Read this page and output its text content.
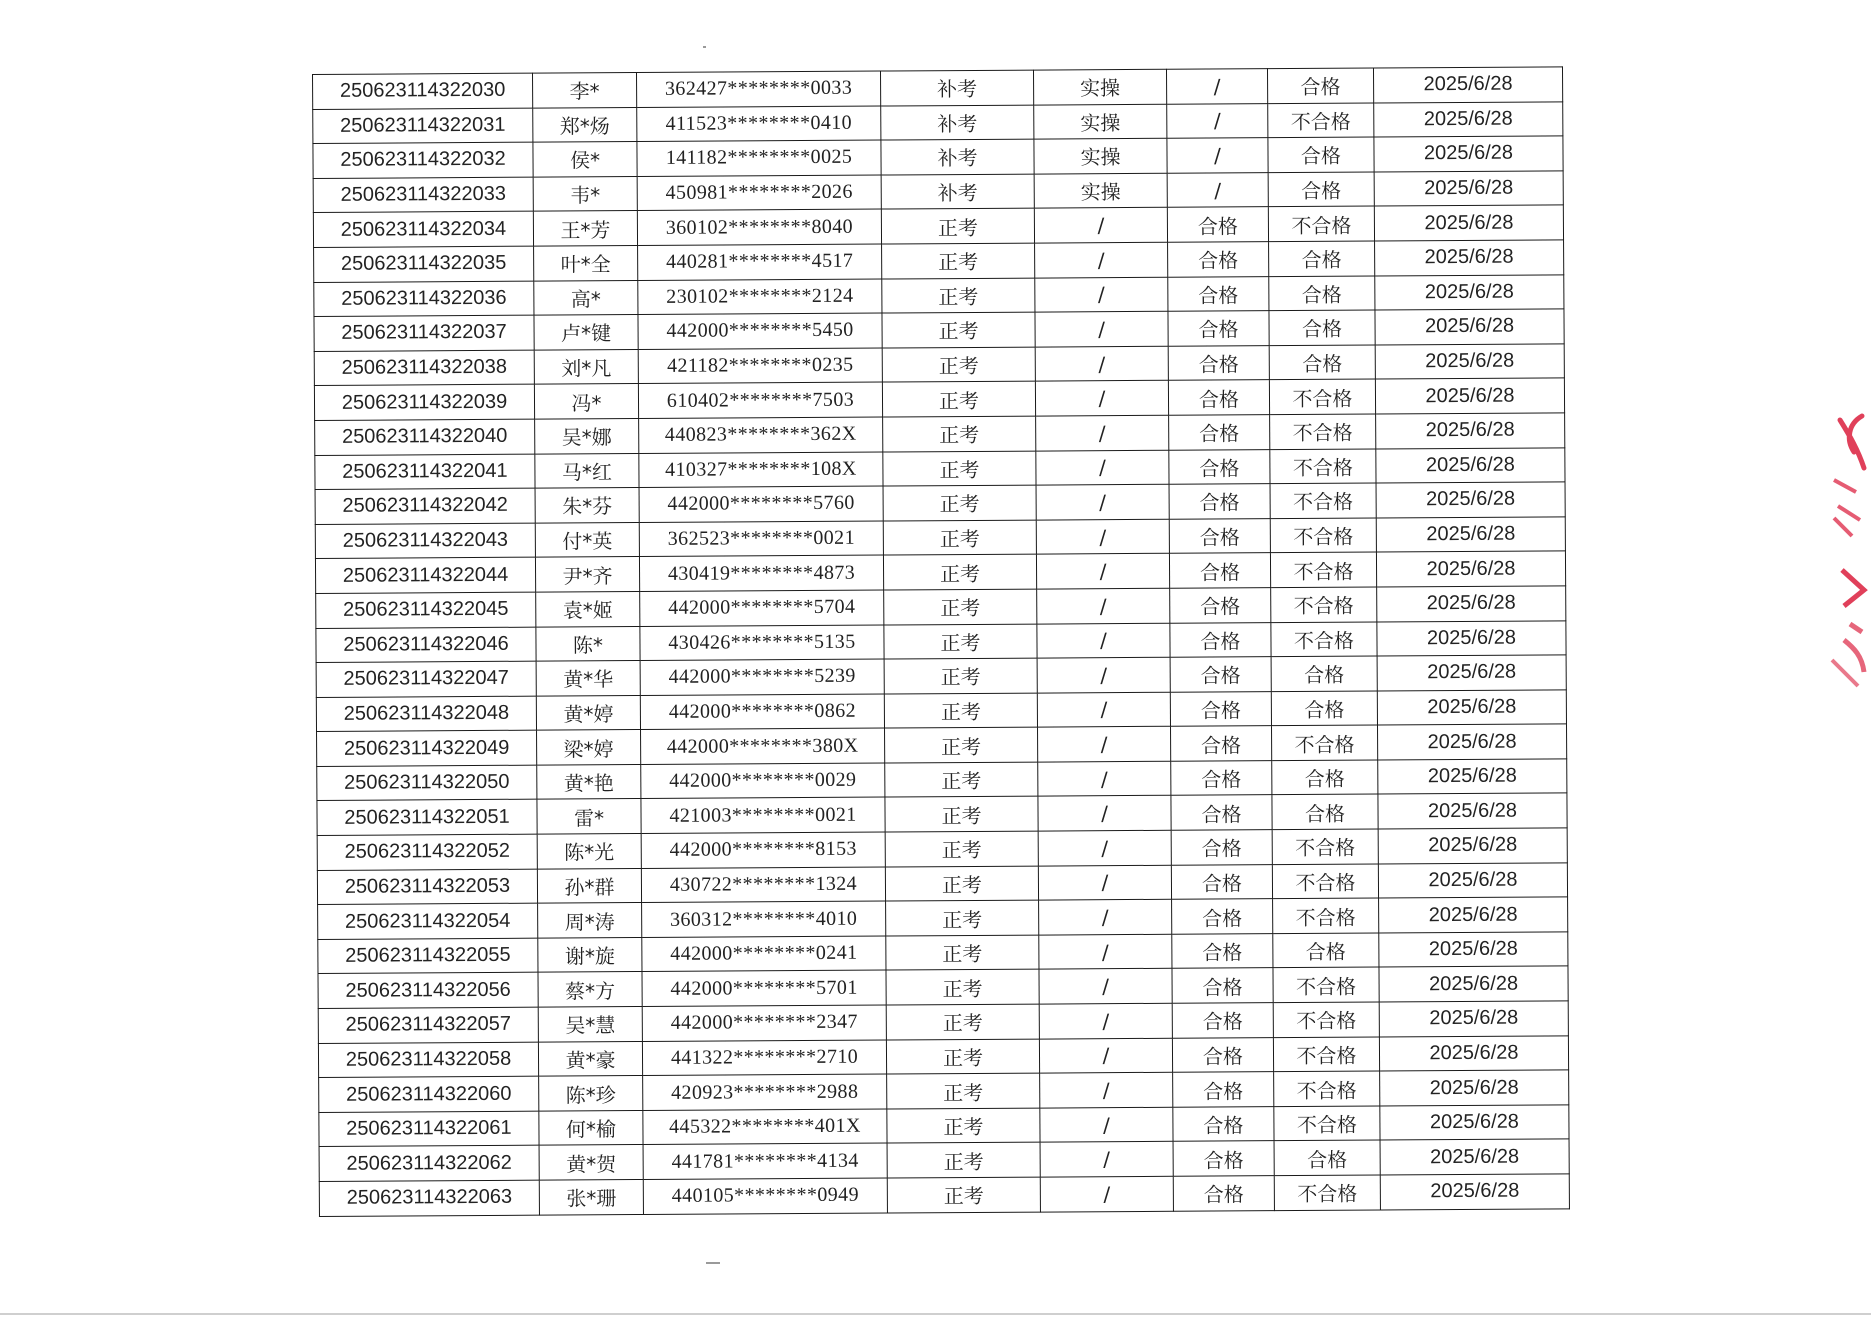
250623114322030	李*	362427********0033	补考	实操	/	合格	2025/6/28
250623114322031	郑*炀	411523********0410	补考	实操	/	不合格	2025/6/28
250623114322032	侯*	141182********0025	补考	实操	/	合格	2025/6/28
250623114322033	韦*	450981********2026	补考	实操	/	合格	2025/6/28
250623114322034	王*芳	360102********8040	正考	/	合格	不合格	2025/6/28
250623114322035	叶*全	440281********4517	正考	/	合格	合格	2025/6/28
250623114322036	高*	230102********2124	正考	/	合格	合格	2025/6/28
250623114322037	卢*键	442000********5450	正考	/	合格	合格	2025/6/28
250623114322038	刘*凡	421182********0235	正考	/	合格	合格	2025/6/28
250623114322039	冯*	610402********7503	正考	/	合格	不合格	2025/6/28
250623114322040	吴*娜	440823********362X	正考	/	合格	不合格	2025/6/28
250623114322041	马*红	410327********108X	正考	/	合格	不合格	2025/6/28
250623114322042	朱*芬	442000********5760	正考	/	合格	不合格	2025/6/28
250623114322043	付*英	362523********0021	正考	/	合格	不合格	2025/6/28
250623114322044	尹*齐	430419********4873	正考	/	合格	不合格	2025/6/28
250623114322045	袁*姬	442000********5704	正考	/	合格	不合格	2025/6/28
250623114322046	陈*	430426********5135	正考	/	合格	不合格	2025/6/28
250623114322047	黄*华	442000********5239	正考	/	合格	合格	2025/6/28
250623114322048	黄*婷	442000********0862	正考	/	合格	合格	2025/6/28
250623114322049	梁*婷	442000********380X	正考	/	合格	不合格	2025/6/28
250623114322050	黄*艳	442000********0029	正考	/	合格	合格	2025/6/28
250623114322051	雷*	421003********0021	正考	/	合格	合格	2025/6/28
250623114322052	陈*光	442000********8153	正考	/	合格	不合格	2025/6/28
250623114322053	孙*群	430722********1324	正考	/	合格	不合格	2025/6/28
250623114322054	周*涛	360312********4010	正考	/	合格	不合格	2025/6/28
250623114322055	谢*旋	442000********0241	正考	/	合格	合格	2025/6/28
250623114322056	蔡*方	442000********5701	正考	/	合格	不合格	2025/6/28
250623114322057	吴*慧	442000********2347	正考	/	合格	不合格	2025/6/28
250623114322058	黄*豪	441322********2710	正考	/	合格	不合格	2025/6/28
250623114322060	陈*珍	420923********2988	正考	/	合格	不合格	2025/6/28
250623114322061	何*榆	445322********401X	正考	/	合格	不合格	2025/6/28
250623114322062	黄*贺	441781********4134	正考	/	合格	合格	2025/6/28
250623114322063	张*珊	440105********0949	正考	/	合格	不合格	2025/6/28
